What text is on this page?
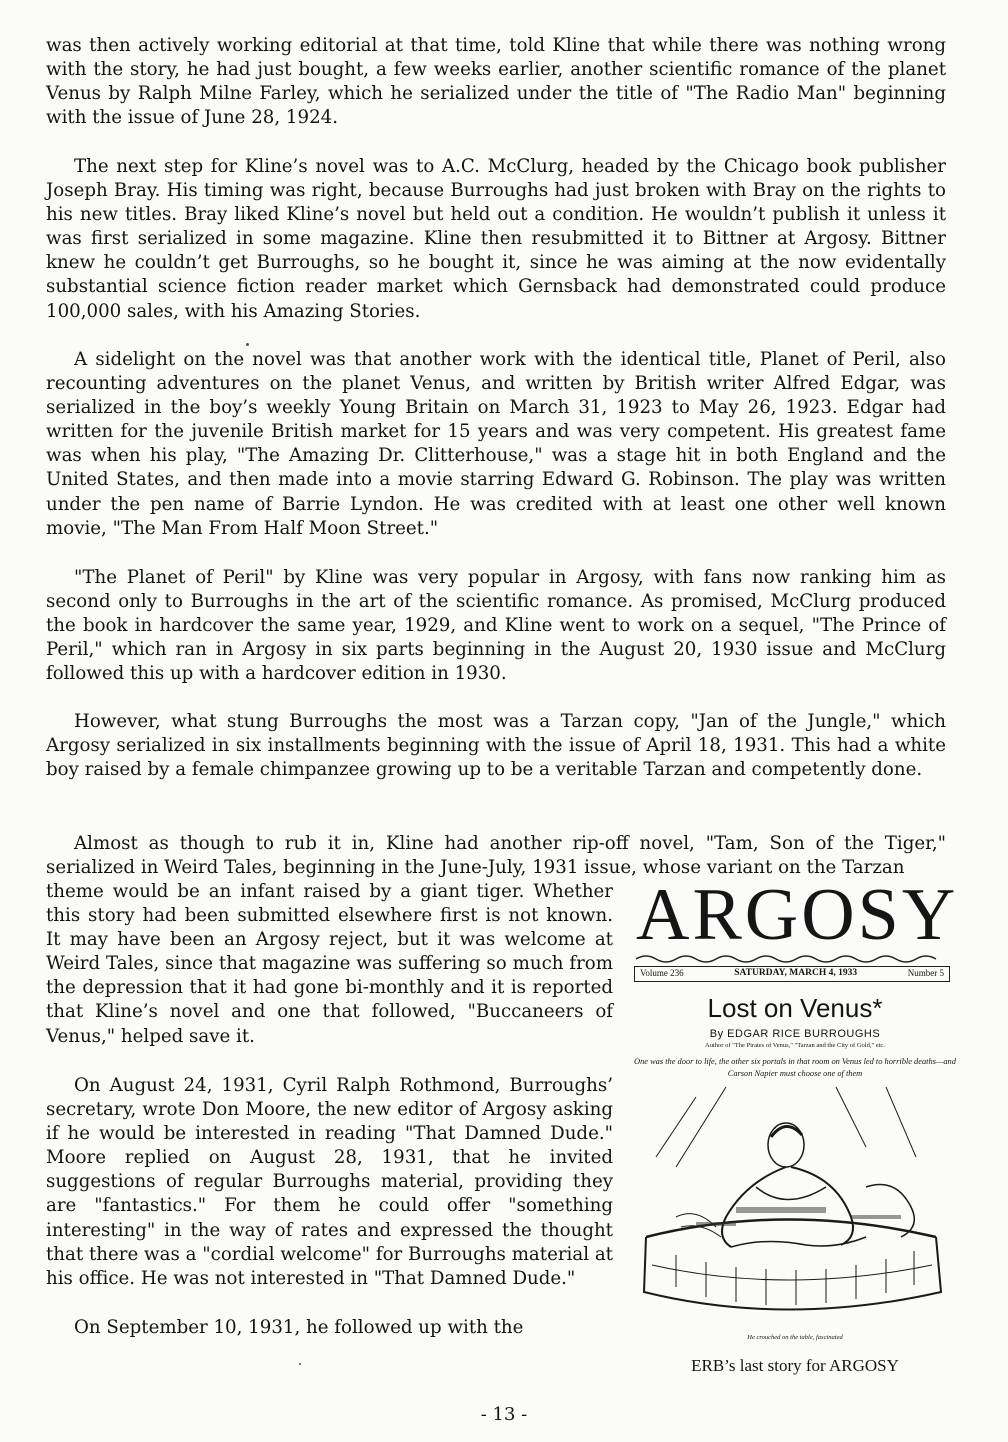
was then actively working editorial at that time, told Kline that while there was nothing wrong with the story, he had just bought, a few weeks earlier, another scientific romance of the planet Venus by Ralph Milne Farley, which he serialized under the title of "The Radio Man" beginning with the issue of June 28, 1924.

The next step for Kline’s novel was to A.C. McClurg, headed by the Chicago book publisher Joseph Bray. His timing was right, because Burroughs had just broken with Bray on the rights to his new titles. Bray liked Kline’s novel but held out a condition. He wouldn’t publish it unless it was first serialized in some magazine. Kline then resubmitted it to Bittner at Argosy. Bittner knew he couldn’t get Burroughs, so he bought it, since he was aiming at the now evidentally substantial science fiction reader market which Gernsback had demonstrated could produce 100,000 sales, with his Amazing Stories.

A sidelight on the novel was that another work with the identical title, Planet of Peril, also recounting adventures on the planet Venus, and written by British writer Alfred Edgar, was serialized in the boy’s weekly Young Britain on March 31, 1923 to May 26, 1923. Edgar had written for the juvenile British market for 15 years and was very competent. His greatest fame was when his play, "The Amazing Dr. Clitterhouse," was a stage hit in both England and the United States, and then made into a movie starring Edward G. Robinson. The play was written under the pen name of Barrie Lyndon. He was credited with at least one other well known movie, "The Man From Half Moon Street."

"The Planet of Peril" by Kline was very popular in Argosy, with fans now ranking him as second only to Burroughs in the art of the scientific romance. As promised, McClurg produced the book in hardcover the same year, 1929, and Kline went to work on a sequel, "The Prince of Peril," which ran in Argosy in six parts beginning in the August 20, 1930 issue and McClurg followed this up with a hardcover edition in 1930.

However, what stung Burroughs the most was a Tarzan copy, "Jan of the Jungle," which Argosy serialized in six installments beginning with the issue of April 18, 1931. This had a white boy raised by a female chimpanzee growing up to be a veritable Tarzan and competently done.

Almost as though to rub it in, Kline had another rip-off novel, "Tam, Son of the Tiger," serialized in Weird Tales, beginning in the June-July, 1931 issue, whose variant on the Tarzan

theme would be an infant raised by a giant tiger. Whether this story had been submitted elsewhere first is not known. It may have been an Argosy reject, but it was welcome at Weird Tales, since that magazine was suffering so much from the depression that it had gone bi-monthly and it is reported that Kline’s novel and one that followed, "Buccaneers of Venus," helped save it.

On August 24, 1931, Cyril Ralph Rothmond, Burroughs’ secretary, wrote Don Moore, the new editor of Argosy asking if he would be interested in reading "That Damned Dude." Moore replied on August 28, 1931, that he invited suggestions of regular Burroughs material, providing they are "fantastics." For them he could offer "something interesting" in the way of rates and expressed the thought that there was a "cordial welcome" for Burroughs material at his office. He was not interested in "That Damned Dude."

On September 10, 1931, he followed up with the

ARGOSY
Volume 236	SATURDAY, MARCH 4, 1933	Number 5
Lost on Venus*
By EDGAR RICE BURROUGHS
Author of "The Pirates of Venus," "Tarzan and the City of Gold," etc.
One was the door to life, the other six portals in that room on Venus led to horrible deaths—and Carson Napier must choose one of them
He crouched on the table, fascinated
ERB’s last story for ARGOSY
- 13 -
